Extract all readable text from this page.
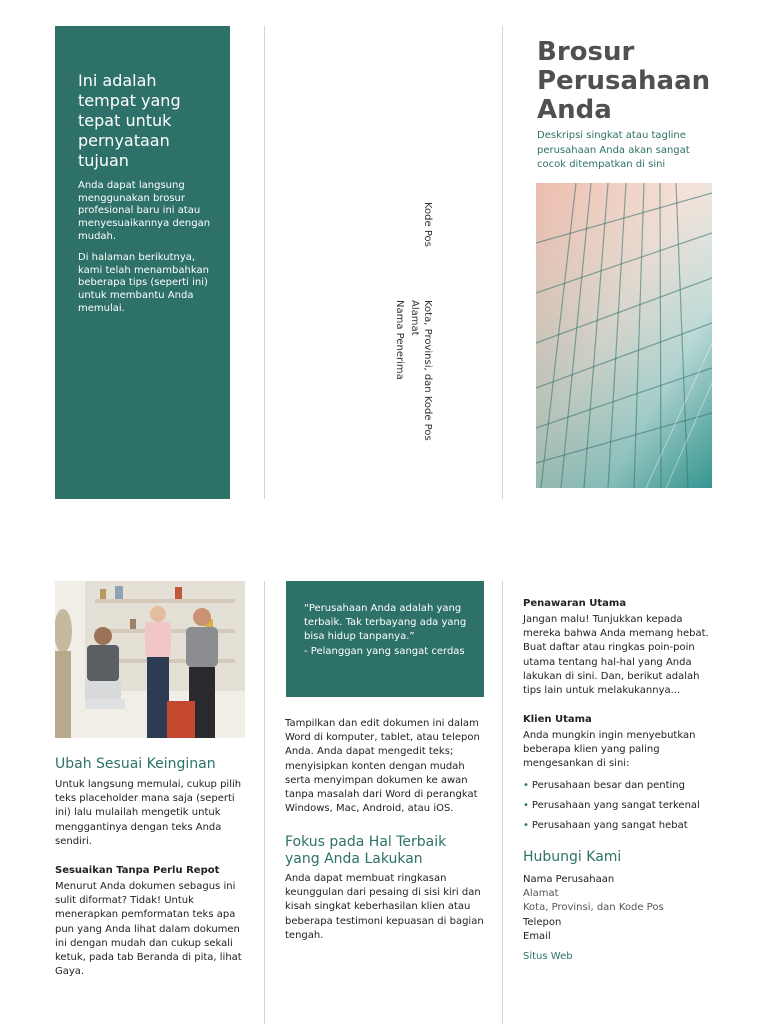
Ini adalah tempat yang tepat untuk pernyataan tujuan

Anda dapat langsung menggunakan brosur profesional baru ini atau menyesuaikannya dengan mudah.

Di halaman berikutnya, kami telah menambahkan beberapa tips (seperti ini) untuk membantu Anda memulai.

Kode Pos
Kota, Provinsi, dan Kode Pos
Alamat
Nama Penerima
Brosur Perusahaan Anda

Deskripsi singkat atau tagline perusahaan Anda akan sangat cocok ditempatkan di sini

Ubah Sesuai Keinginan

Untuk langsung memulai, cukup pilih teks placeholder mana saja (seperti ini) lalu mulailah mengetik untuk menggantinya dengan teks Anda sendiri.

Sesuaikan Tanpa Perlu Repot

Menurut Anda dokumen sebagus ini sulit diformat? Tidak! Untuk menerapkan pemformatan teks apa pun yang Anda lihat dalam dokumen ini dengan mudah dan cukup sekali ketuk, pada tab Beranda di pita, lihat Gaya.

“Perusahaan Anda adalah yang terbaik. Tak terbayang ada yang bisa hidup tanpanya.”
- Pelanggan yang sangat cerdas

Tampilkan dan edit dokumen ini dalam Word di komputer, tablet, atau telepon Anda. Anda dapat mengedit teks; menyisipkan konten dengan mudah serta menyimpan dokumen ke awan tanpa masalah dari Word di perangkat Windows, Mac, Android, atau iOS.

Fokus pada Hal Terbaik yang Anda Lakukan

Anda dapat membuat ringkasan keunggulan dari pesaing di sisi kiri dan kisah singkat keberhasilan klien atau beberapa testimoni kepuasan di bagian tengah.

Penawaran Utama

Jangan malu! Tunjukkan kepada mereka bahwa Anda memang hebat. Buat daftar atau ringkas poin-poin utama tentang hal-hal yang Anda lakukan di sini. Dan, berikut adalah tips lain untuk melakukannya...

Klien Utama

Anda mungkin ingin menyebutkan beberapa klien yang paling mengesankan di sini:

• Perusahaan besar dan penting
• Perusahaan yang sangat terkenal
• Perusahaan yang sangat hebat
Hubungi Kami
Nama Perusahaan
Alamat
Kota, Provinsi, dan Kode Pos
Telepon
Email
Situs Web
